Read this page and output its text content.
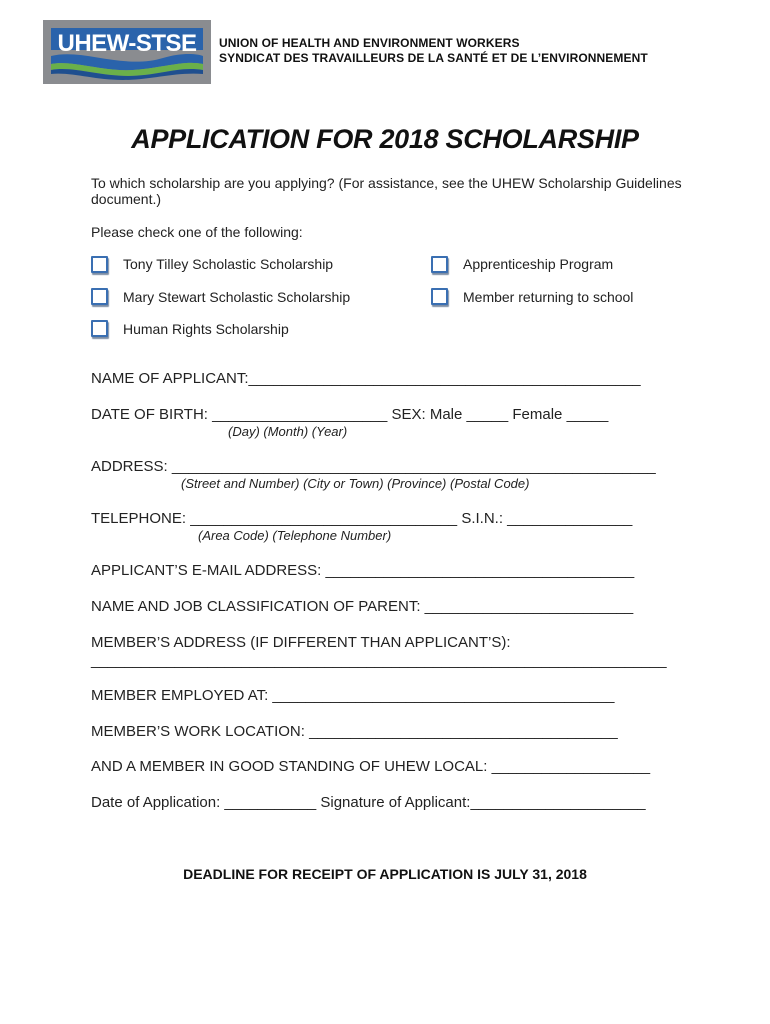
UHEW-STSE	UNION OF HEALTH AND ENVIRONMENT WORKERS
SYNDICAT DES TRAVAILLEURS DE LA SANTÉ ET DE L’ENVIRONNEMENT
APPLICATION FOR 2018 SCHOLARSHIP
To which scholarship are you applying? (For assistance, see the UHEW Scholarship Guidelines
document.)
Please check one of the following:
Tony Tilley Scholastic Scholarship	Apprenticeship Program
Mary Stewart Scholastic Scholarship	Member returning to school
Human Rights Scholarship
NAME OF APPLICANT:_______________________________________________
DATE OF BIRTH: _____________________ SEX: Male _____ Female _____
(Day) (Month) (Year)
ADDRESS: __________________________________________________________
(Street and Number) (City or Town) (Province) (Postal Code)
TELEPHONE: ________________________________ S.I.N.: _______________
(Area Code) (Telephone Number)
APPLICANT’S E-MAIL ADDRESS: _____________________________________
NAME AND JOB CLASSIFICATION OF PARENT: _________________________
MEMBER’S ADDRESS (IF DIFFERENT THAN APPLICANT’S):
_____________________________________________________________________
MEMBER EMPLOYED AT: _________________________________________
MEMBER’S WORK LOCATION: _____________________________________
AND A MEMBER IN GOOD STANDING OF UHEW LOCAL: ___________________
Date of Application: ___________ Signature of Applicant:_____________________
DEADLINE FOR RECEIPT OF APPLICATION IS JULY 31, 2018
